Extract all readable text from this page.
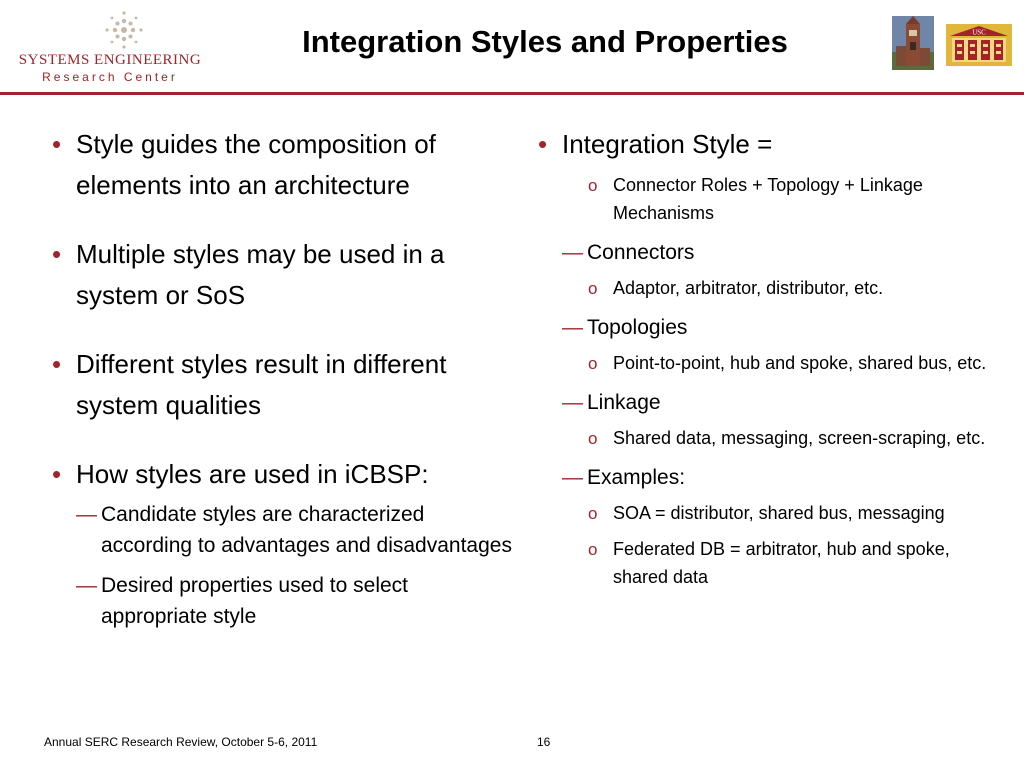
SYSTEMS ENGINEERING
Research Center
Integration Styles and Properties	USC
• Style guides the composition of elements into an architecture
• Multiple styles may be used in a system or SoS
• Different styles result in different system qualities
• How styles are used in iCBSP:
— Candidate styles are characterized according to advantages and disadvantages
— Desired properties used to select appropriate style
• Integration Style =
o Connector Roles + Topology + Linkage Mechanisms
— Connectors
o Adaptor, arbitrator, distributor, etc.
— Topologies
o Point-to-point, hub and spoke, shared bus, etc.
— Linkage
o Shared data, messaging, screen-scraping, etc.
— Examples:
o SOA = distributor, shared bus, messaging
o Federated DB = arbitrator, hub and spoke, shared data
Annual SERC Research Review, October 5-6, 2011	16
